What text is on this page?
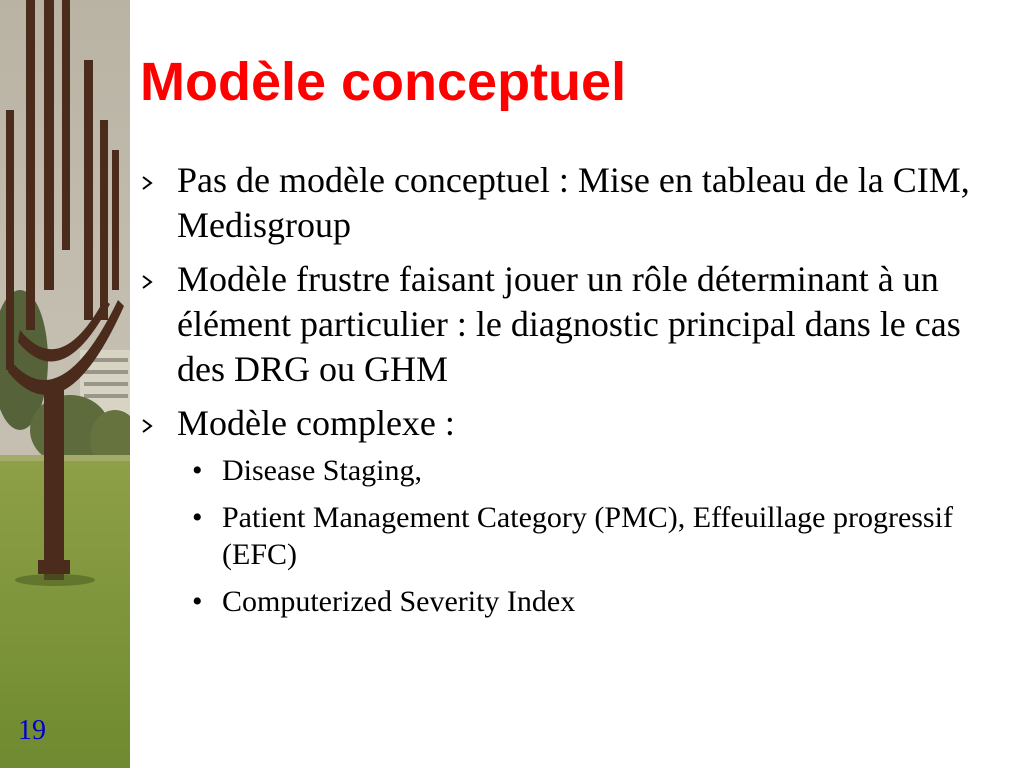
Modèle conceptuel
Pas de modèle conceptuel : Mise en tableau de la CIM, Medisgroup
Modèle frustre faisant jouer un rôle déterminant à un élément particulier : le diagnostic principal dans le cas des DRG ou GHM
Modèle complexe :
• Disease Staging,
• Patient Management Category (PMC), Effeuillage progressif (EFC)
• Computerized Severity Index
19
